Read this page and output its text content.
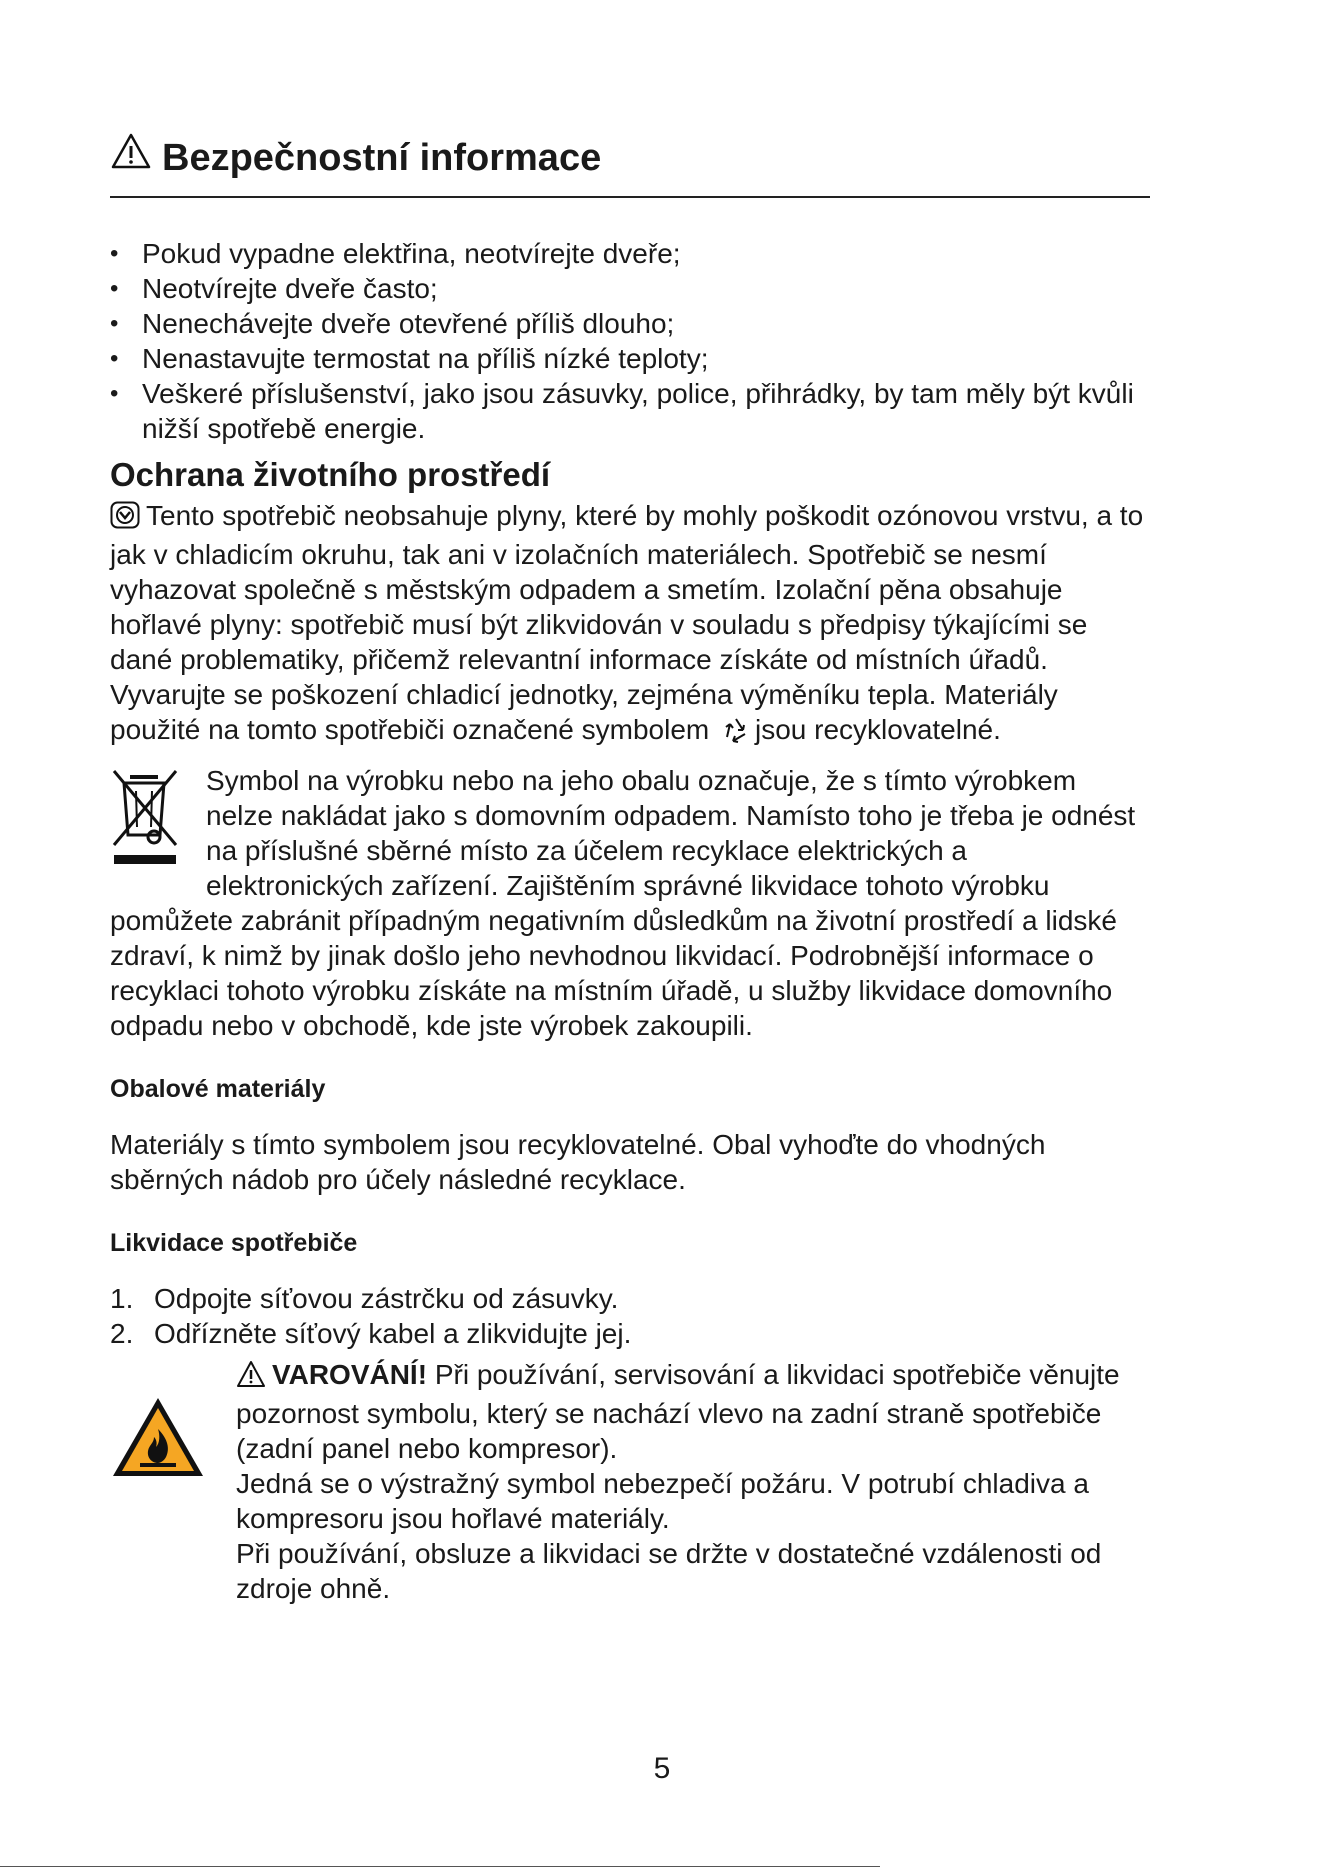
Bezpečnostní informace
• Pokud vypadne elektřina, neotvírejte dveře;
• Neotvírejte dveře často;
• Nenechávejte dveře otevřené příliš dlouho;
• Nenastavujte termostat na příliš nízké teploty;
• Veškeré příslušenství, jako jsou zásuvky, police, přihrádky, by tam měly být kvůli nižší spotřebě energie.
Ochrana životního prostředí

Tento spotřebič neobsahuje plyny, které by mohly poškodit ozónovou vrstvu, a to jak v chladicím okruhu, tak ani v izolačních materiálech. Spotřebič se nesmí vyhazovat společně s městským odpadem a smetím. Izolační pěna obsahuje hořlavé plyny: spotřebič musí být zlikvidován v souladu s předpisy týkajícími se dané problematiky, přičemž relevantní informace získáte od místních úřadů. Vyvarujte se poškození chladicí jednotky, zejména výměníku tepla. Materiály použité na tomto spotřebiči označené symbolem jsou recyklovatelné.

Symbol na výrobku nebo na jeho obalu označuje, že s tímto výrobkem nelze nakládat jako s domovním odpadem. Namísto toho je třeba je odnést na příslušné sběrné místo za účelem recyklace elektrických a elektronických zařízení. Zajištěním správné likvidace tohoto výrobku pomůžete zabránit případným negativním důsledkům na životní prostředí a lidské zdraví, k nimž by jinak došlo jeho nevhodnou likvidací. Podrobnější informace o recyklaci tohoto výrobku získáte na místním úřadě, u služby likvidace domovního odpadu nebo v obchodě, kde jste výrobek zakoupili.

Obalové materiály

Materiály s tímto symbolem jsou recyklovatelné. Obal vyhoďte do vhodných sběrných nádob pro účely následné recyklace.

Likvidace spotřebiče
1. Odpojte síťovou zástrčku od zásuvky.
2. Odřízněte síťový kabel a zlikvidujte jej.

VAROVÁNÍ! Při používání, servisování a likvidaci spotřebiče věnujte pozornost symbolu, který se nachází vlevo na zadní straně spotřebiče (zadní panel nebo kompresor).

Jedná se o výstražný symbol nebezpečí požáru. V potrubí chladiva a kompresoru jsou hořlavé materiály.

Při používání, obsluze a likvidaci se držte v dostatečné vzdálenosti od zdroje ohně.

5
